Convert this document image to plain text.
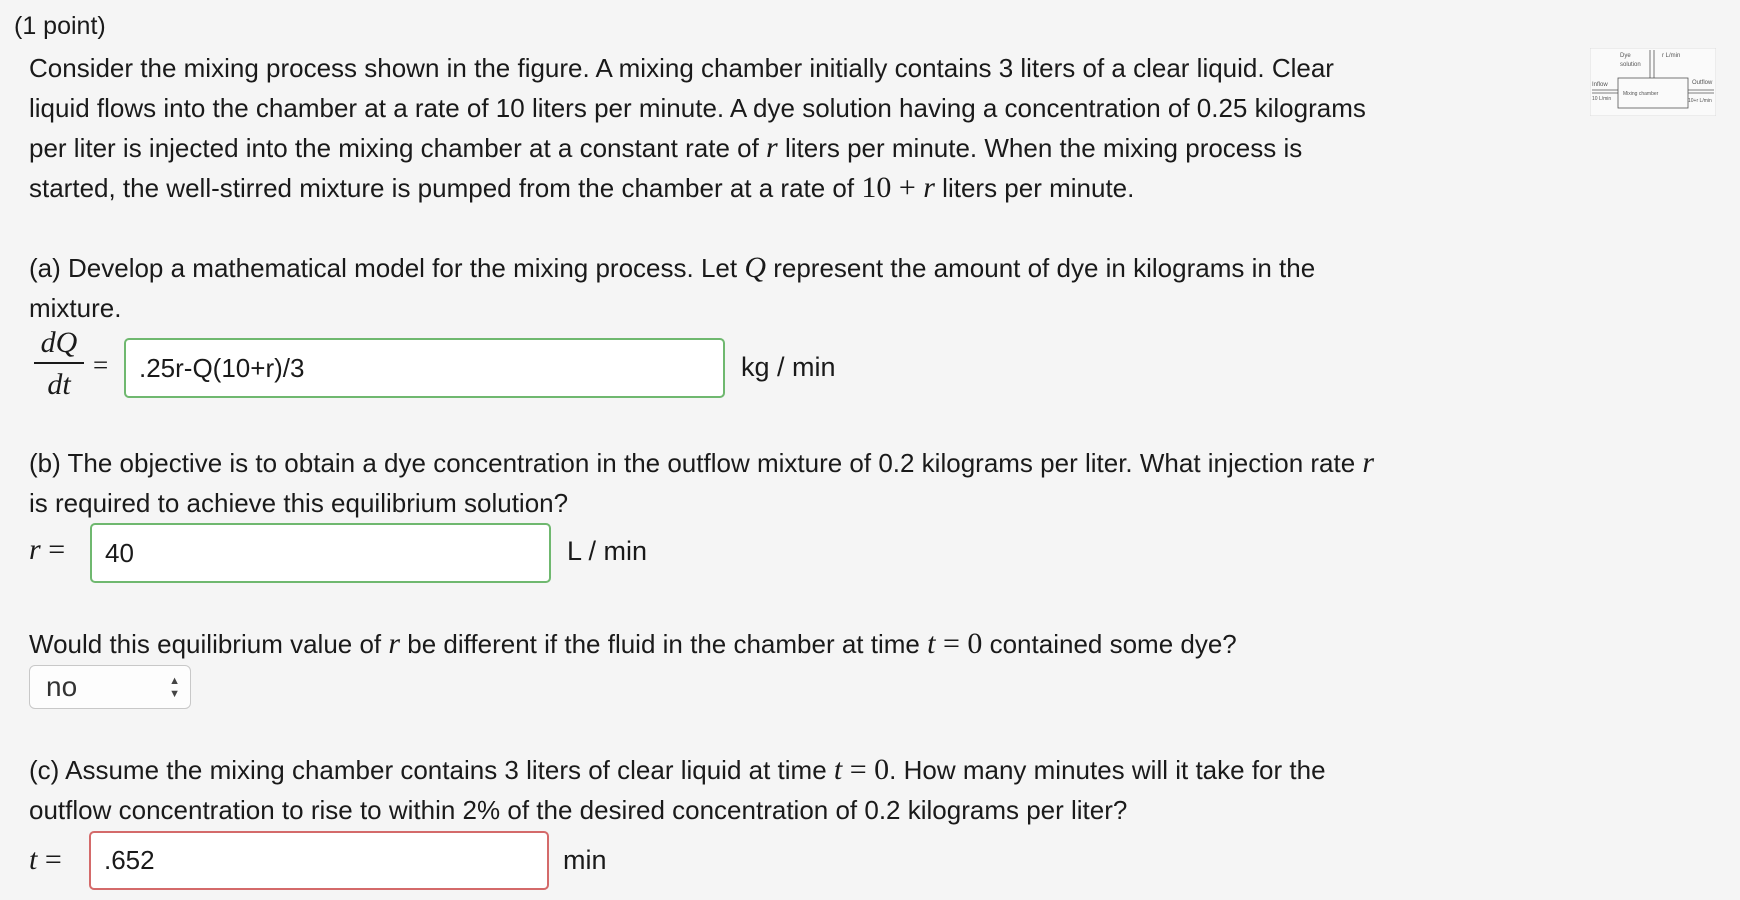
(1 point)
Consider the mixing process shown in the figure. A mixing chamber initially contains 3 liters of a clear liquid. Clear
liquid flows into the chamber at a rate of 10 liters per minute. A dye solution having a concentration of 0.25 kilograms
per liter is injected into the mixing chamber at a constant rate of r liters per minute. When the mixing process is
started, the well-stirred mixture is pumped from the chamber at a rate of 10 + r liters per minute.
(a) Develop a mathematical model for the mixing process. Let Q represent the amount of dye in kilograms in the
mixture.
dQ
dt
=	.25r-Q(10+r)/3	kg / min
(b) The objective is to obtain a dye concentration in the outflow mixture of 0.2 kilograms per liter. What injection rate r
is required to achieve this equilibrium solution?
r =	40	L / min
Would this equilibrium value of r be different if the fluid in the chamber at time t = 0 contained some dye?
no	▲
▼
(c) Assume the mixing chamber contains 3 liters of clear liquid at time t = 0. How many minutes will it take for the
outflow concentration to rise to within 2% of the desired concentration of 0.2 kilograms per liter?
t =	.652	min
Dye
solution
r L/min
Mixing chamber
Inflow
10 L/min
Outflow
10+r L/min
